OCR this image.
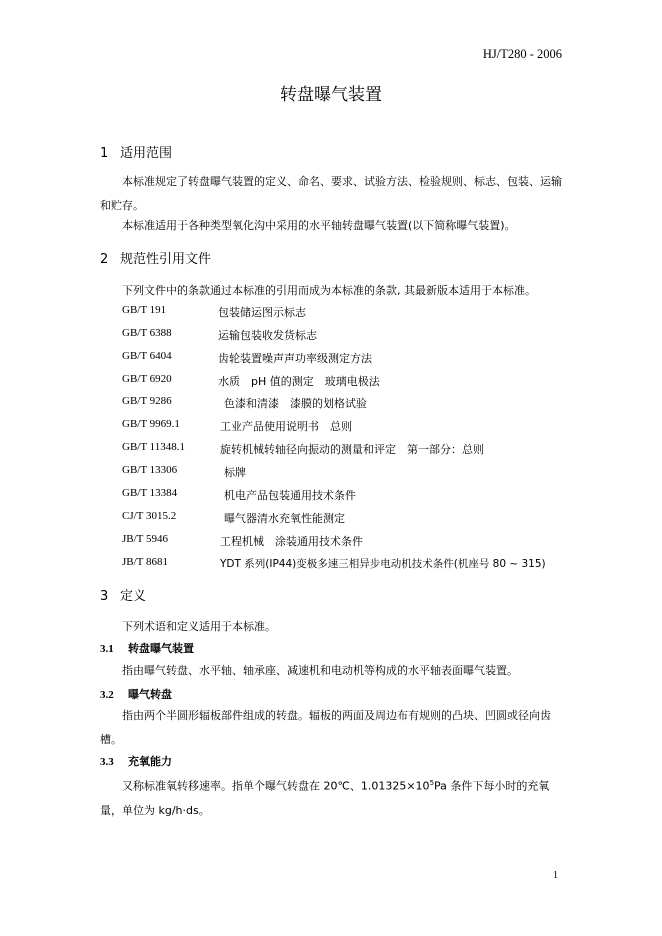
HJ/T280 - 2006
转盘曝气装置
1 适用范围
本标准规定了转盘曝气装置的定义、命名、要求、试验方法、检验规则、标志、包装、运输和贮存。
本标准适用于各种类型氧化沟中采用的水平轴转盘曝气装置(以下简称曝气装置)。
2 规范性引用文件
下列文件中的条款通过本标准的引用而成为本标准的条款, 其最新版本适用于本标准。
GB/T 191	包装储运图示标志
GB/T 6388	运输包装收发货标志
GB/T 6404	齿轮装置噪声声功率级测定方法
GB/T 6920	水质　pH 值的测定　玻璃电极法
GB/T 9286	色漆和清漆　漆膜的划格试验
GB/T 9969.1	工业产品使用说明书　总则
GB/T 11348.1	旋转机械转轴径向振动的测量和评定　第一部分：总则
GB/T 13306	标牌
GB/T 13384	机电产品包装通用技术条件
CJ/T 3015.2	曝气器清水充氧性能测定
JB/T 5946	工程机械　涂装通用技术条件
JB/T 8681	YDT 系列(IP44)变极多速三相异步电动机技术条件(机座号 80 ~ 315)
3 定义
下列术语和定义适用于本标准。
3.1 转盘曝气装置
指由曝气转盘、水平轴、轴承座、减速机和电动机等构成的水平轴表面曝气装置。
3.2 曝气转盘
指由两个半圆形辐板部件组成的转盘。辐板的两面及周边布有规则的凸块、凹圆或径向齿槽。
3.3 充氧能力
又称标准氧转移速率。指单个曝气转盘在 20℃、$1.01325\times 10^5Pa$ 条件下每小时的充氧量，单位为 kg/h·ds。
1
